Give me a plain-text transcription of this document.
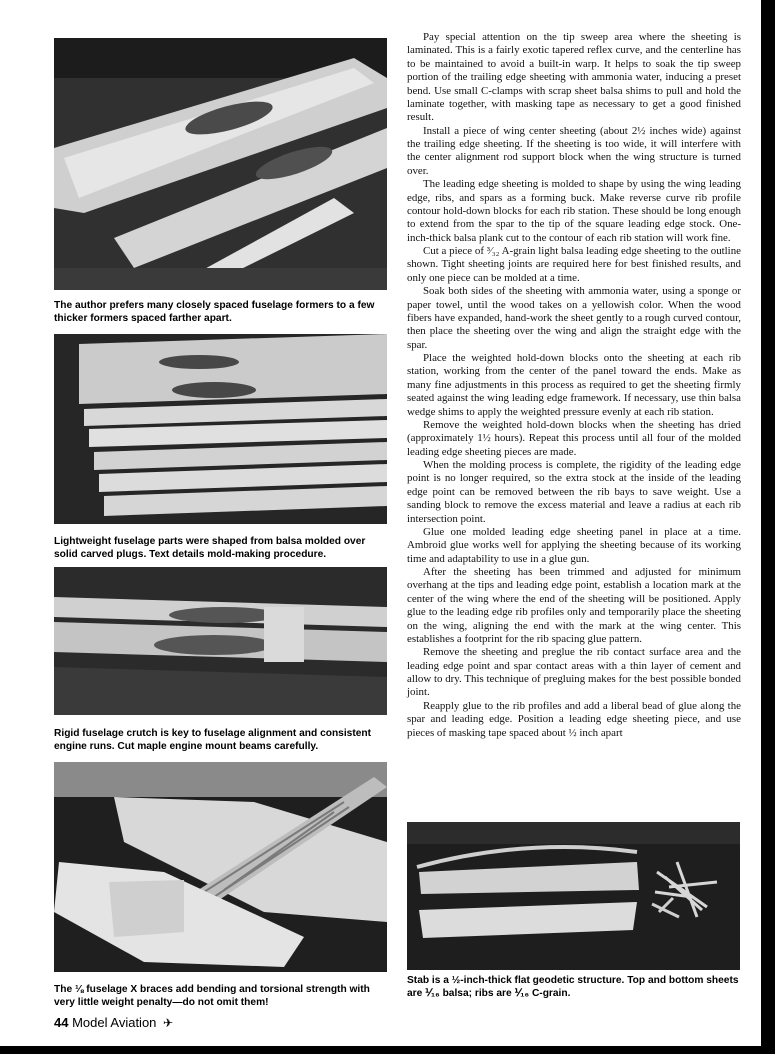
The author prefers many closely spaced fuselage formers to a few thicker formers spaced farther apart.
Lightweight fuselage parts were shaped from balsa molded over solid carved plugs. Text details mold-making procedure.
Rigid fuselage crutch is key to fuselage alignment and consistent engine runs. Cut maple engine mount beams carefully.
The ⅛ fuselage X braces add bending and torsional strength with very little weight penalty—do not omit them!
Stab is a ½-inch-thick flat geodetic structure. Top and bottom sheets are ⅟₁₆ balsa; ribs are ⅟₁₆ C-grain.

Pay special attention on the tip sweep area where the sheeting is laminated. This is a fairly exotic tapered reflex curve, and the centerline has to be maintained to avoid a built-in warp. It helps to soak the tip sweep portion of the trailing edge sheeting with ammonia water, inducing a preset bend. Use small C-clamps with scrap sheet balsa shims to pull and hold the laminate together, with masking tape as necessary to get a good finished result.

Install a piece of wing center sheeting (about 2½ inches wide) against the trailing edge sheeting. If the sheeting is too wide, it will interfere with the center alignment rod support block when the wing structure is turned over.

The leading edge sheeting is molded to shape by using the wing leading edge, ribs, and spars as a forming buck. Make reverse curve rib profile contour hold-down blocks for each rib station. These should be long enough to extend from the spar to the tip of the square leading edge stock. One-inch-thick balsa plank cut to the contour of each rib station will work fine.

Cut a piece of ³⁄₃₂ A-grain light balsa leading edge sheeting to the outline shown. Tight sheeting joints are required here for best finished results, and only one piece can be molded at a time.

Soak both sides of the sheeting with ammonia water, using a sponge or paper towel, until the wood takes on a yellowish color. When the wood fibers have expanded, hand-work the sheet gently to a rough curved contour, then place the sheeting over the wing and align the straight edge with the spar.

Place the weighted hold-down blocks onto the sheeting at each rib station, working from the center of the panel toward the ends. Make as many fine adjustments in this process as required to get the sheeting firmly seated against the wing leading edge framework. If necessary, use thin balsa wedge shims to apply the weighted pressure evenly at each rib station.

Remove the weighted hold-down blocks when the sheeting has dried (approximately 1½ hours). Repeat this process until all four of the molded leading edge sheeting pieces are made.

When the molding process is complete, the rigidity of the leading edge point is no longer required, so the extra stock at the inside of the leading edge point can be removed between the rib bays to save weight. Use a sanding block to remove the excess material and leave a radius at each rib intersection point.

Glue one molded leading edge sheeting panel in place at a time. Ambroid glue works well for applying the sheeting because of its working time and adaptability to use in a glue gun.

After the sheeting has been trimmed and adjusted for minimum overhang at the tips and leading edge point, establish a location mark at the center of the wing where the end of the sheeting will be positioned. Apply glue to the leading edge rib profiles only and temporarily place the sheeting on the wing, aligning the end with the mark at the wing center. This establishes a footprint for the rib spacing glue pattern.

Remove the sheeting and preglue the rib contact surface area and the leading edge point and spar contact areas with a thin layer of cement and allow to dry. This technique of pregluing makes for the best possible bonded joint.

Reapply glue to the rib profiles and add a liberal bead of glue along the spar and leading edge. Position a leading edge sheeting piece, and use pieces of masking tape spaced about ½ inch apart

44 Model Aviation ✈
